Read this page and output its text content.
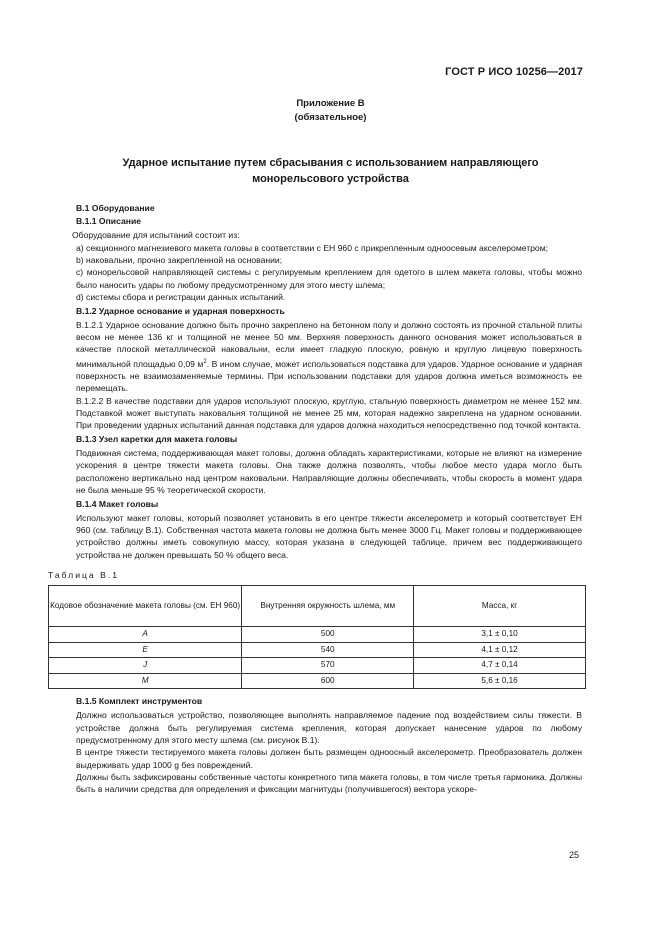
ГОСТ Р ИСО 10256—2017
Приложение В
(обязательное)
Ударное испытание путем сбрасывания с использованием направляющего
монорельсового устройства

В.1 Оборудование

В.1.1 Описание

Оборудование для испытаний состоит из:

а) секционного магнезиевого макета головы в соответствии с ЕН 960 с прикрепленным одноосевым акселерометром;

b) наковальни, прочно закрепленной на основании;

с) монорельсовой направляющей системы с регулируемым креплением для одетого в шлем макета головы, чтобы можно было наносить удары по любому предусмотренному для этого месту шлема;

d) системы сбора и регистрации данных испытаний.

В.1.2 Ударное основание и ударная поверхность

В.1.2.1 Ударное основание должно быть прочно закреплено на бетонном полу и должно состоять из прочной стальной плиты весом не менее 136 кг и толщиной не менее 50 мм. Верхняя поверхность данного основания может использоваться в качестве плоской металлической наковальни, если имеет гладкую плоскую, ровную и круглую лицевую поверхность минимальной площадью 0,09 $м^2$. В ином случае, может использоваться подставка для ударов. Ударное основание и ударная поверхность не взаимозаменяемые термины. При использовании подставки для ударов должна иметься возможность ее перемещать.

В.1.2.2 В качестве подставки для ударов используют плоскую, круглую, стальную поверхность диаметром не менее 152 мм. Подставкой может выступать наковальня толщиной не менее 25 мм, которая надежно закреплена на ударном основании. При проведении ударных испытаний данная подставка для ударов должна находиться непосредственно под точкой контакта.

В.1.3 Узел каретки для макета головы

Подвижная система, поддерживающая макет головы, должна обладать характеристиками, которые не влияют на измерение ускорения в центре тяжести макета головы. Она также должна позволять, чтобы любое место удара могло быть расположено вертикально над центром наковальни. Направляющие должны обеспечивать, чтобы скорость в момент удара не была меньше 95 % теоретической скорости.

В.1.4 Макет головы

Используют макет головы, который позволяет установить в его центре тяжести акселерометр и который соответствует ЕН 960 (см. таблицу В.1). Собственная частота макета головы не должна быть менее 3000 Гц. Макет головы и поддерживающее устройство должны иметь совокупную массу, которая указана в следующей таблице, причем вес поддерживающего устройства не должен превышать 50 % общего веса.

Таблица В.1

Кодовое обозначение макета головы (см. ЕН 960)	Внутренняя окружность шлема, мм	Масса, кг
A	500	3,1 ± 0,10
E	540	4,1 ± 0,12
J	570	4,7 ± 0,14
M	600	5,6 ± 0,16

В.1.5 Комплект инструментов

Должно использоваться устройство, позволяющее выполнять направляемое падение под воздействием силы тяжести. В устройстве должна быть регулируемая система крепления, которая допускает нанесение ударов по любому предусмотренному для этого месту шлема (см. рисунок В.1).

В центре тяжести тестируемого макета головы должен быть размещен одноосный акселерометр. Преобразователь должен выдерживать удар 1000 g без повреждений.

Должны быть зафиксированы собственные частоты конкретного типа макета головы, в том числе третья гармоника. Должны быть в наличии средства для определения и фиксации магнитуды (получившегося) вектора ускоре-

25
